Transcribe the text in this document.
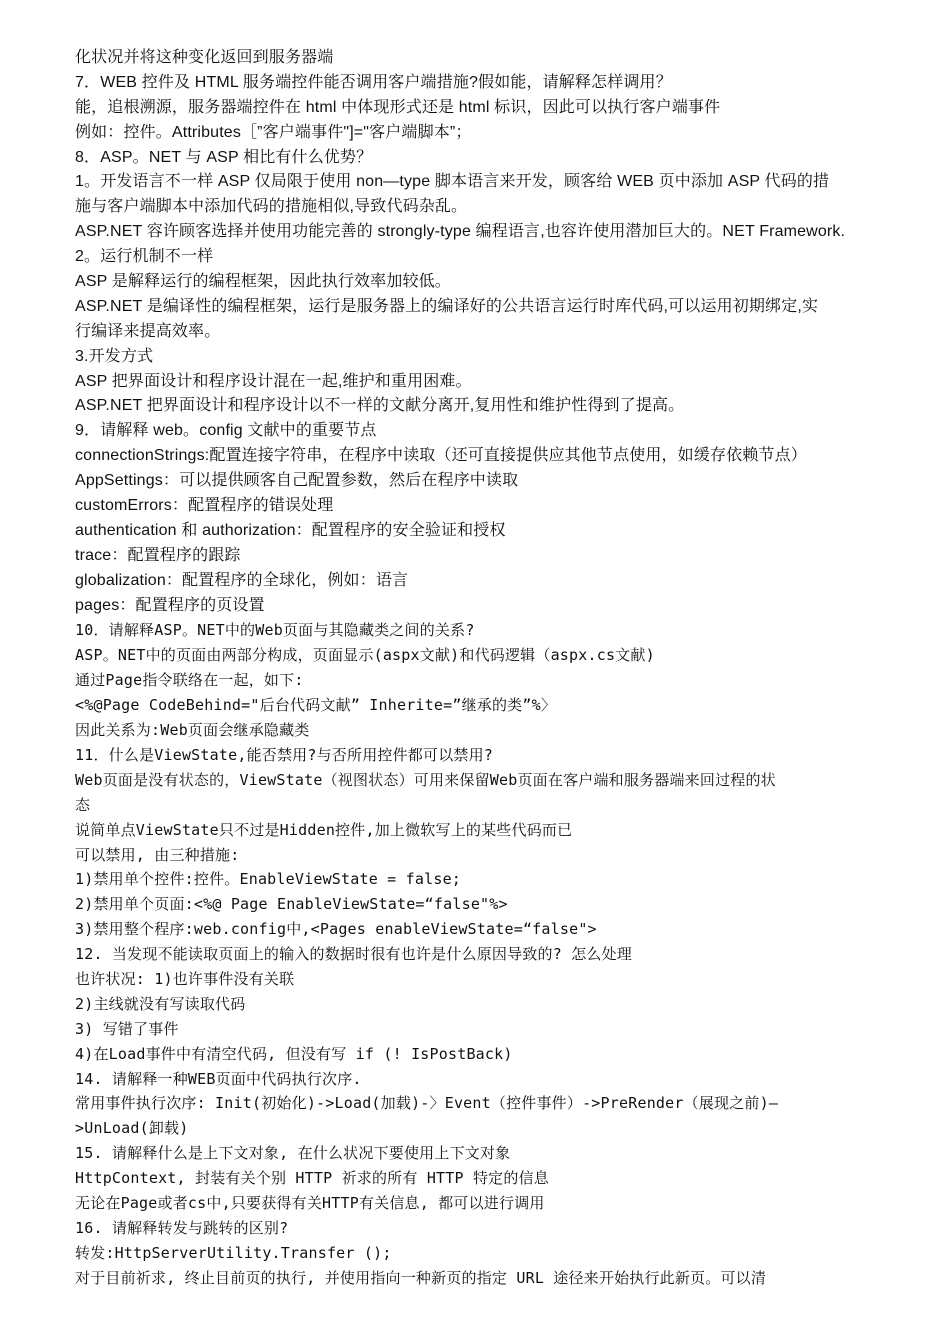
化状况并将这种变化返回到服务器端
7．WEB 控件及 HTML 服务端控件能否调用客户端措施?假如能，请解释怎样调用？
能，追根溯源，服务器端控件在 html 中体现形式还是 html 标识，因此可以执行客户端事件
例如：控件。Attributes［”客户端事件"]="客户端脚本”；
8．ASP。NET 与 ASP 相比有什么优势？
1。开发语言不一样 ASP 仅局限于使用 non—type 脚本语言来开发，顾客给 WEB 页中添加 ASP 代码的措
施与客户端脚本中添加代码的措施相似,导致代码杂乱。
ASP.NET 容许顾客选择并使用功能完善的 strongly-type 编程语言,也容许使用潜加巨大的。NET Framework.
2。运行机制不一样
ASP 是解释运行的编程框架，因此执行效率加较低。
ASP.NET 是编译性的编程框架，运行是服务器上的编译好的公共语言运行时库代码,可以运用初期绑定,实
行编译来提高效率。
3.开发方式
ASP 把界面设计和程序设计混在一起,维护和重用困难。
ASP.NET 把界面设计和程序设计以不一样的文献分离开,复用性和维护性得到了提高。
9．请解释 web。config 文献中的重要节点
connectionStrings:配置连接字符串，在程序中读取（还可直接提供应其他节点使用，如缓存依赖节点）
AppSettings：可以提供顾客自己配置参数，然后在程序中读取
customErrors：配置程序的错误处理
authentication 和 authorization：配置程序的安全验证和授权
trace：配置程序的跟踪
globalization：配置程序的全球化，例如：语言
pages：配置程序的页设置
10．请解释ASP。NET中的Web页面与其隐藏类之间的关系?
ASP。NET中的页面由两部分构成，页面显示(aspx文献)和代码逻辑（aspx.cs文献)
通过Page指令联络在一起，如下:
<%@Page CodeBehind="后台代码文献” Inherite=”继承的类”%〉
因此关系为:Web页面会继承隐藏类
11．什么是ViewState,能否禁用?与否所用控件都可以禁用?
Web页面是没有状态的，ViewState（视图状态）可用来保留Web页面在客户端和服务器端来回过程的状
态
说简单点ViewState只不过是Hidden控件,加上微软写上的某些代码而已
可以禁用, 由三种措施:
1)禁用单个控件:控件。EnableViewState = false;
2)禁用单个页面:<%@ Page EnableViewState=“false"%>
3)禁用整个程序:web.config中,<Pages enableViewState=“false">
12. 当发现不能读取页面上的输入的数据时很有也许是什么原因导致的? 怎么处理
也许状况: 1)也许事件没有关联
2)主线就没有写读取代码
3) 写错了事件
4)在Load事件中有清空代码, 但没有写 if (! IsPostBack)
14. 请解释一种WEB页面中代码执行次序.
常用事件执行次序: Init(初始化)->Load(加载)-〉Event（控件事件）->PreRender（展现之前)—
>UnLoad(卸载)
15. 请解释什么是上下文对象, 在什么状况下要使用上下文对象
HttpContext, 封装有关个别 HTTP 祈求的所有 HTTP 特定的信息
无论在Page或者cs中,只要获得有关HTTP有关信息, 都可以进行调用
16. 请解释转发与跳转的区别?
转发:HttpServerUtility.Transfer ();
对于目前祈求, 终止目前页的执行, 并使用指向一种新页的指定 URL 途径来开始执行此新页。可以清
